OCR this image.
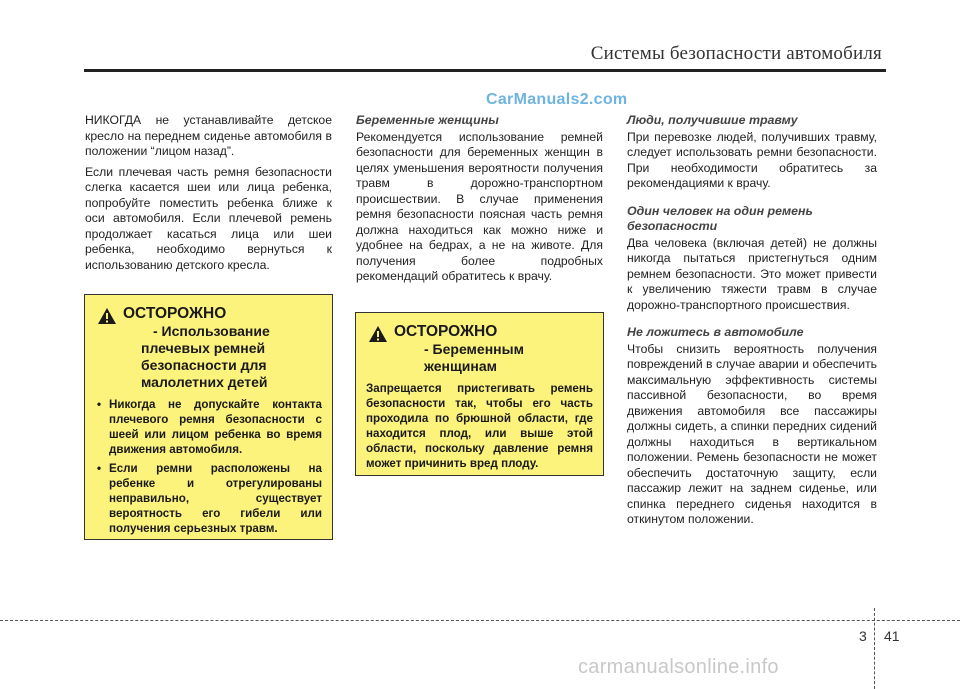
Системы безопасности автомобиля
CarManuals2.com

НИКОГДА не устанавливайте детское кресло на переднем сиденье автомобиля в положении “лицом назад”.

Если плечевая часть ремня безопасности слегка касается шеи или лица ребенка, попробуйте поместить ребенка ближе к оси автомобиля. Если плечевой ремень продолжает касаться лица или шеи ребенка, необходимо вернуться к использованию детского кресла.

ОСТОРОЖНО
- Использование
плечевых ремней безопасности для малолетних детей
• Никогда не допускайте контакта плечевого ремня безопасности с шеей или лицом ребенка во время движения автомобиля.
• Если ремни расположены на ребенке и отрегулированы неправильно, существует вероятность его гибели или получения серьезных травм.
Беременные женщины

Рекомендуется использование ремней безопасности для беременных женщин в целях уменьшения вероятности получения травм в дорожно-транспортном происшествии. В случае применения ремня безопасности поясная часть ремня должна находиться как можно ниже и удобнее на бедрах, а не на животе. Для получения более подробных рекомендаций обратитесь к врачу.

ОСТОРОЖНО
- Беременным женщинам
Запрещается пристегивать ремень безопасности так, чтобы его часть проходила по брюшной области, где находится плод, или выше этой области, поскольку давление ремня может причинить вред плоду.
Люди, получившие травму

При перевозке людей, получивших травму, следует использовать ремни безопасности. При необходимости обратитесь за рекомендациями к врачу.

Один человек на один ремень безопасности

Два человека (включая детей) не должны никогда пытаться пристегнуться одним ремнем безопасности. Это может привести к увеличению тяжести травм в случае дорожно-транспортного происшествия.

Не ложитесь в автомобиле

Чтобы снизить вероятность получения повреждений в случае аварии и обеспечить максимальную эффективность системы пассивной безопасности, во время движения автомобиля все пассажиры должны сидеть, а спинки передних сидений должны находиться в вертикальном положении. Ремень безопасности не может обеспечить достаточную защиту, если пассажир лежит на заднем сиденье, или спинка переднего сиденья находится в откинутом положении.

3 41
carmanualsonline.info
